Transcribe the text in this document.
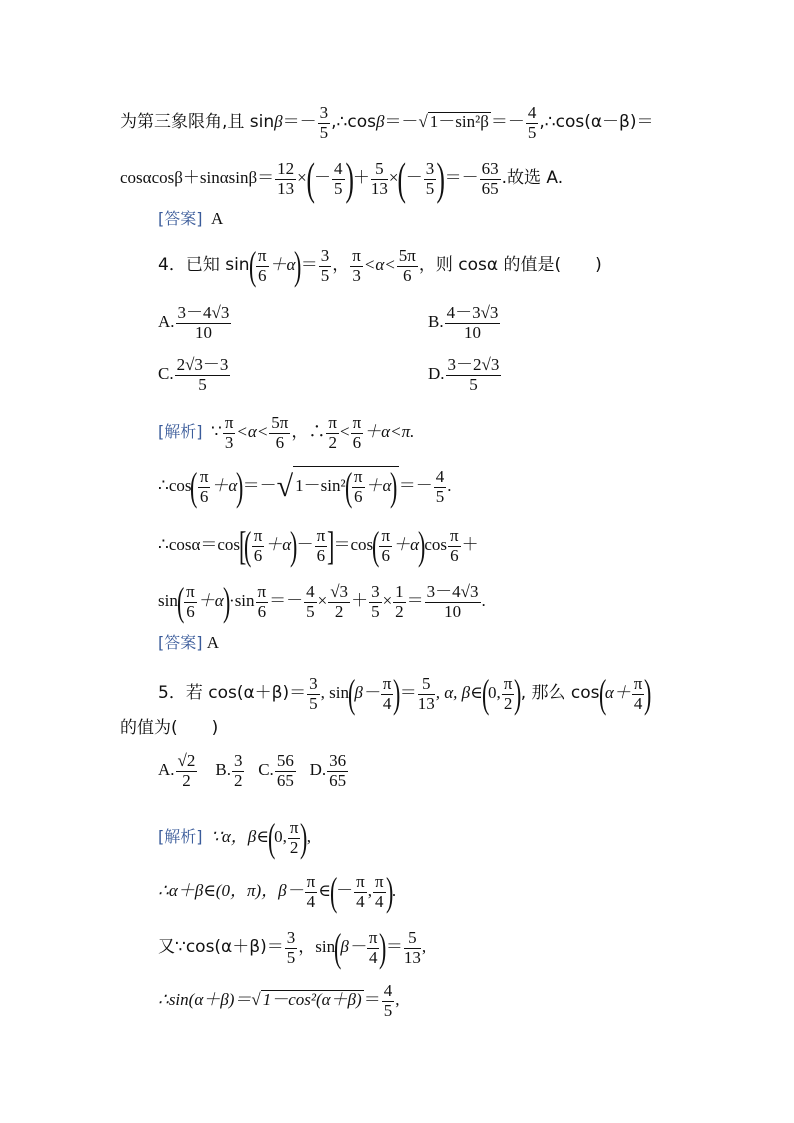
为第三象限角,且 $\sin\beta=- \frac{3}{5}$ ,∴cosβ＝－√ $1-\sin^2\beta =- \frac{4}{5}$ ,∴cos(α－β)＝
$\cos\alpha\cos\beta+\sin\alpha\sin\beta= \frac{12}{13}$ ×(－ $\frac{4}{5}$ )＋ $\frac{5}{13}$ ×(－ $\frac{3}{5}$ )＝－ $\frac{63}{65}$ .故选 A.
[答案] A
4．已知 $\sin( \frac{\pi}{6} +\alpha)= \frac{3}{5}$ ， $\frac{\pi}{3} <\alpha< \frac{5\pi}{6}$ ，则 cosα 的值是(　　)
A. $\frac{3-4√3}{10}$	B. $\frac{4-3√3}{10}$
C. $\frac{2√3-3}{5}$	D. $\frac{3-2√3}{5}$
[解析] ∵ $\frac{\pi}{3} <\alpha< \frac{5\pi}{6}$ ，∴ $\frac{\pi}{2} < \frac{\pi}{6} +\alpha<\pi$.
∴cos( $\frac{\pi}{6} +\alpha)=-√$ $1-\sin^2( \frac{\pi}{6} +\alpha)=- \frac{4}{5}$ .
∴cosα＝cos[( $\frac{\pi}{6} +\alpha)- \frac{\pi}{6} ]=\cos( \frac{\pi}{6} +\alpha)\cos \frac{\pi}{6}$ ＋
$\sin( \frac{\pi}{6} +\alpha)\cdot\sin \frac{\pi}{6} =- \frac{4}{5} \times \frac{√3}{2} + \frac{3}{5} \times \frac{1}{2} = \frac{3-4√3}{10}$ .
[答案] A
5．若 $\cos(\alpha+\beta)= \frac{3}{5}$ , $\sin(\beta- \frac{\pi}{4}$ )＝ $\frac{5}{13}$ , α, β∈(0, $\frac{\pi}{2}$ ), 那么 $\cos(\alpha+ \frac{\pi}{4}$ )
的值为(　　)
A. $\frac{√2}{2} B$. $\frac{3}{2} C$. $\frac{56}{65} D$. $\frac{36}{65}$
[解析] ∵α，β∈(0, $\frac{\pi}{2}$ ),
∴α＋β∈(0，π)，$\beta- \frac{\pi}{4}$ ∈(－ $\frac{\pi}{4}$ , $\frac{\pi}{4}$ ).
又∵cos(α＋β)＝ $\frac{3}{5}$ ，$\sin(\beta- \frac{\pi}{4}$ )＝ $\frac{5}{13}$ ,
∴sin(α＋β)＝√ $1-\cos^2(\alpha+\beta) = \frac{4}{5}$ ,
